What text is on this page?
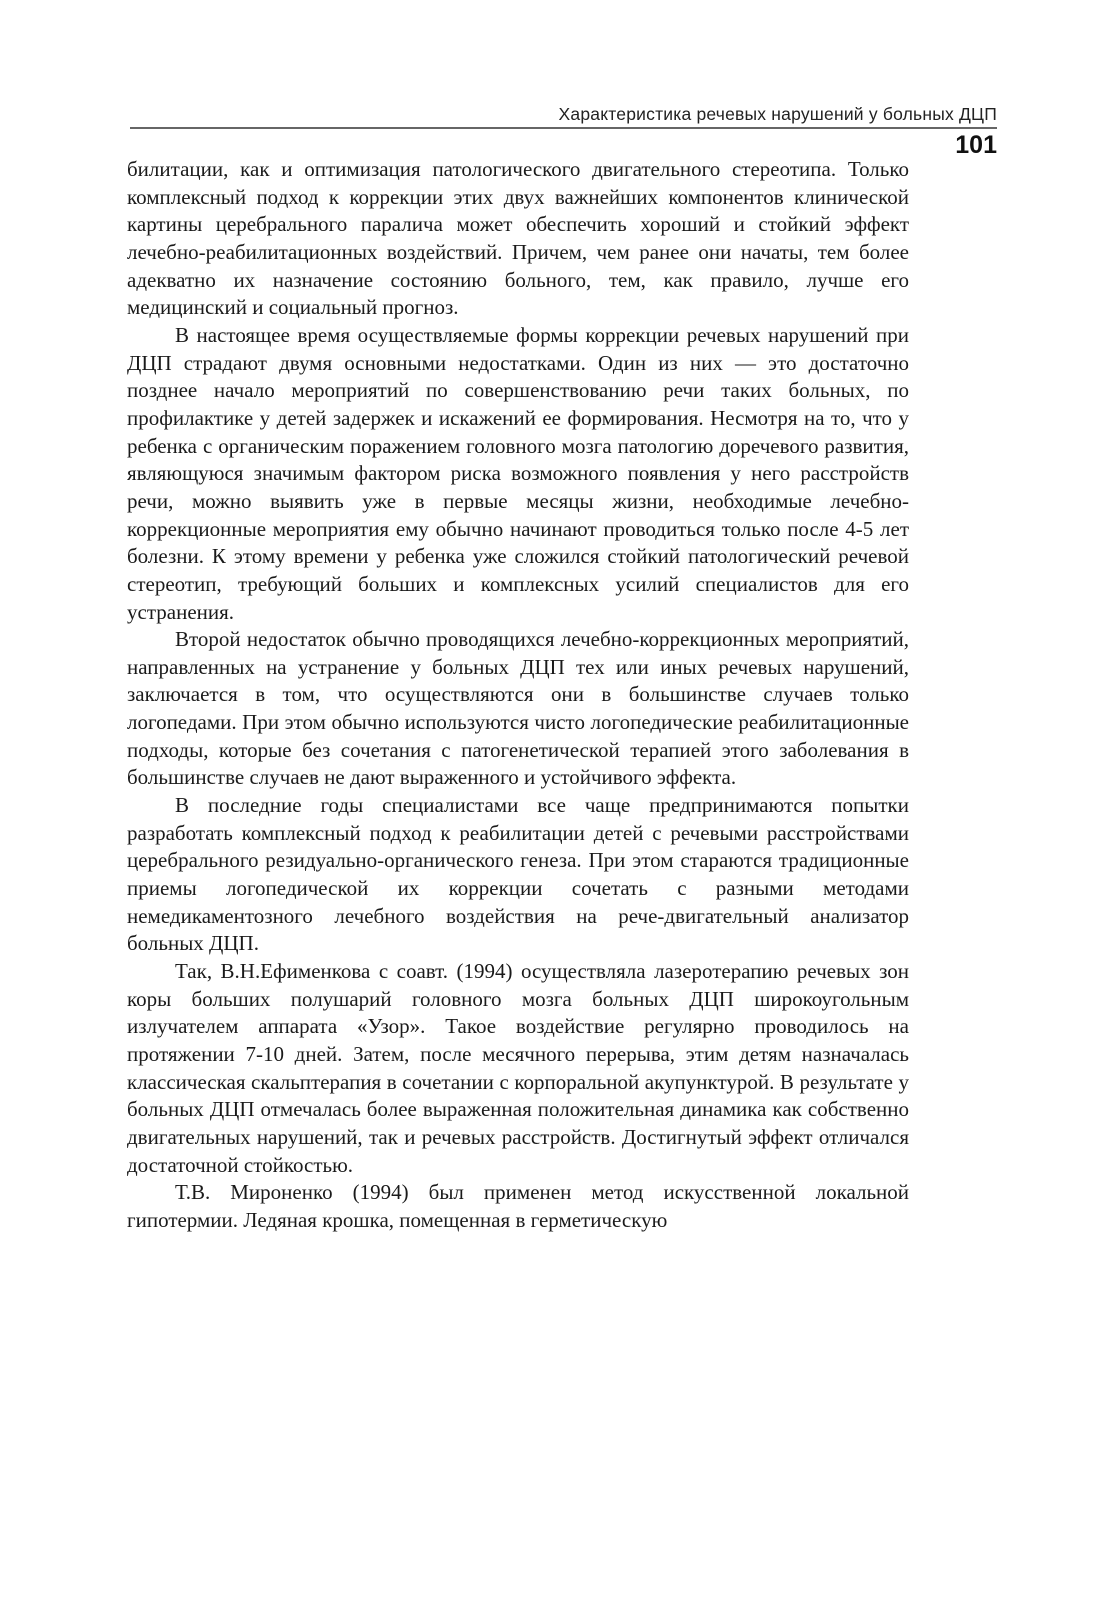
Характеристика речевых нарушений у больных ДЦП
101

билитации, как и оптимизация патологического двигательного стереотипа. Только комплексный подход к коррекции этих двух важнейших компонентов клинической картины церебрального паралича может обеспечить хороший и стойкий эффект лечебно-реабилитационных воздействий. Причем, чем ранее они начаты, тем более адекватно их назначение состоянию больного, тем, как правило, лучше его медицинский и социальный прогноз.

В настоящее время осуществляемые формы коррекции речевых нарушений при ДЦП страдают двумя основными недостатками. Один из них — это достаточно позднее начало мероприятий по совершенствованию речи таких больных, по профилактике у детей задержек и искажений ее формирования. Несмотря на то, что у ребенка с органическим поражением головного мозга патологию доречевого развития, являющуюся значимым фактором риска возможного появления у него расстройств речи, можно выявить уже в первые месяцы жизни, необходимые лечебно-коррекционные мероприятия ему обычно начинают проводиться только после 4-5 лет болезни. К этому времени у ребенка уже сложился стойкий патологический речевой стереотип, требующий больших и комплексных усилий специалистов для его устранения.

Второй недостаток обычно проводящихся лечебно-коррекционных мероприятий, направленных на устранение у больных ДЦП тех или иных речевых нарушений, заключается в том, что осуществляются они в большинстве случаев только логопедами. При этом обычно используются чисто логопедические реабилитационные подходы, которые без сочетания с патогенетической терапией этого заболевания в большинстве случаев не дают выраженного и устойчивого эффекта.

В последние годы специалистами все чаще предпринимаются попытки разработать комплексный подход к реабилитации детей с речевыми расстройствами церебрального резидуально-органического генеза. При этом стараются традиционные приемы логопедической их коррекции сочетать с разными методами немедикаментозного лечебного воздействия на рече-двигательный анализатор больных ДЦП.

Так, В.Н.Ефименкова с соавт. (1994) осуществляла лазеротерапию речевых зон коры больших полушарий головного мозга больных ДЦП широкоугольным излучателем аппарата «Узор». Такое воздействие регулярно проводилось на протяжении 7-10 дней. Затем, после месячного перерыва, этим детям назначалась классическая скальптерапия в сочетании с корпоральной акупунктурой. В результате у больных ДЦП отмечалась более выраженная положительная динамика как собственно двигательных нарушений, так и речевых расстройств. Достигнутый эффект отличался достаточной стойкостью.

Т.В. Мироненко (1994) был применен метод искусственной локальной гипотермии. Ледяная крошка, помещенная в герметическую
